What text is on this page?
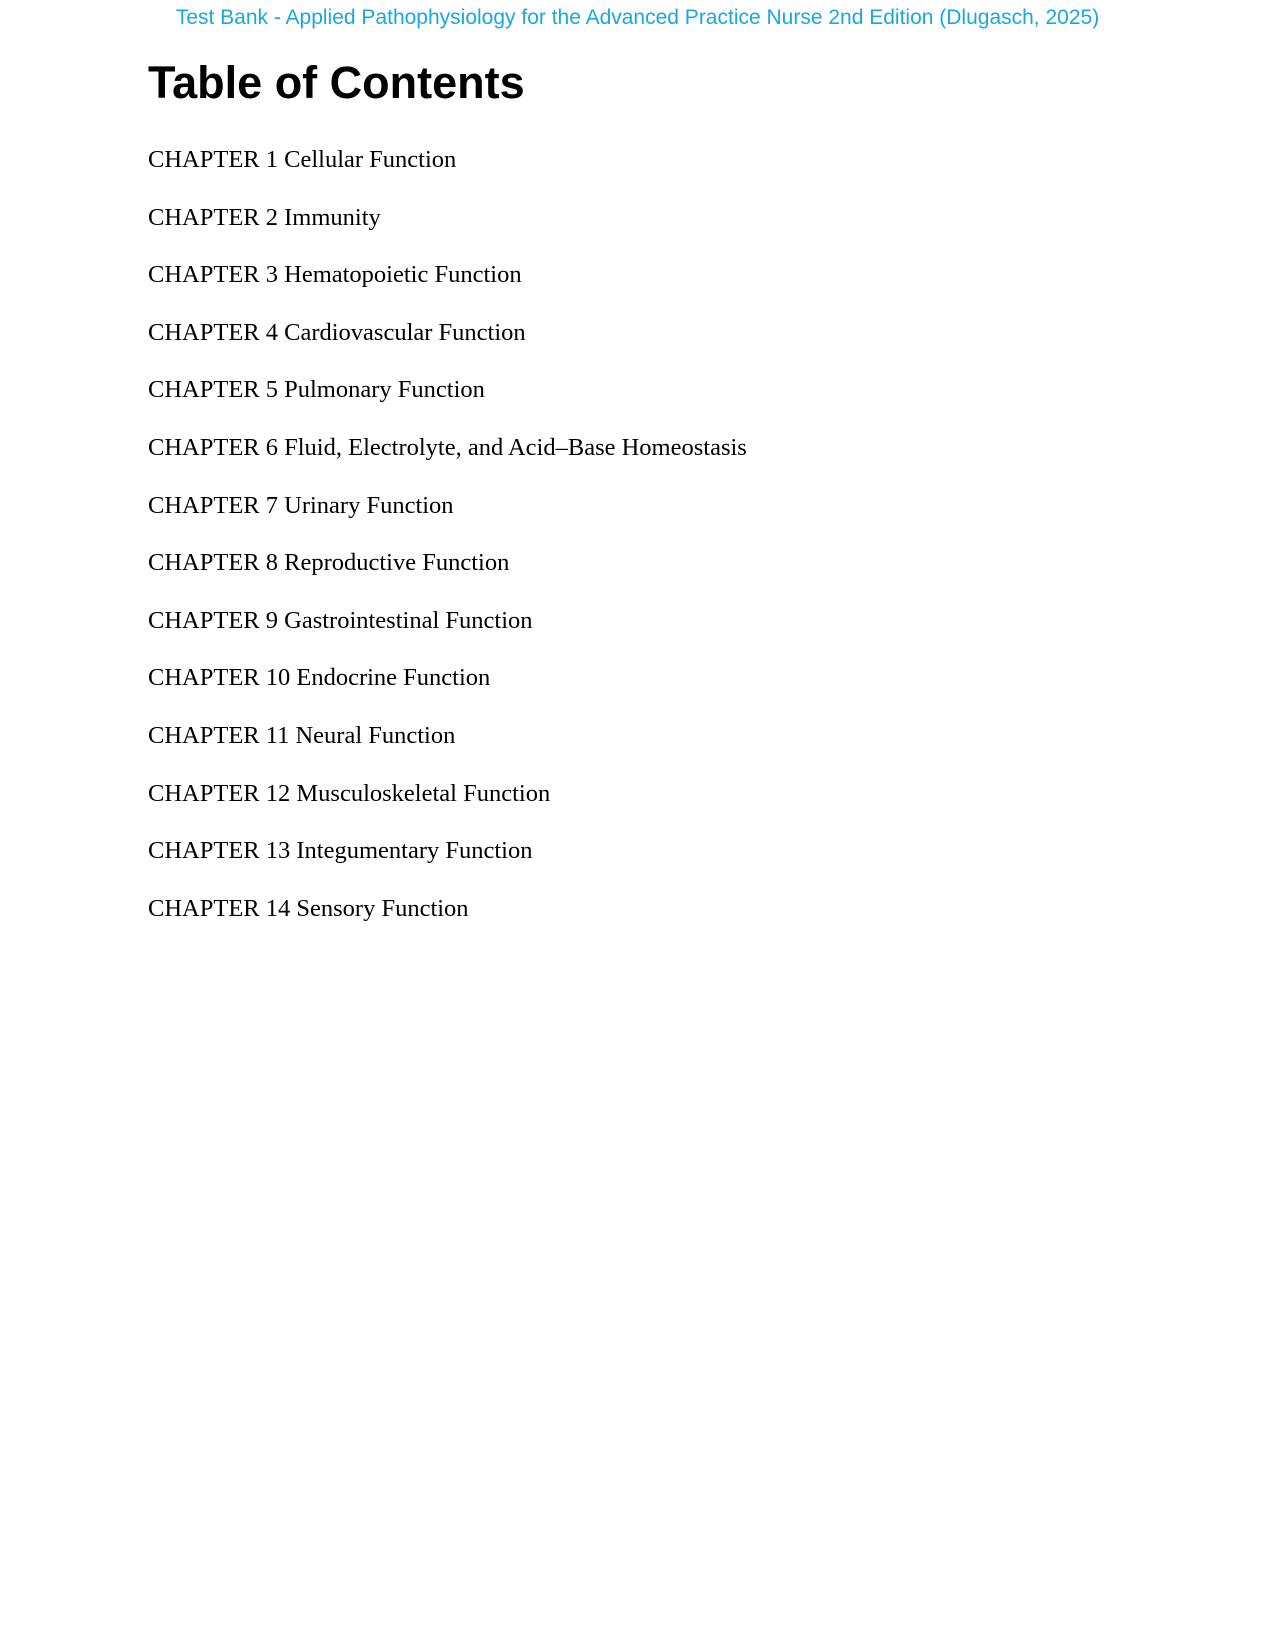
Test Bank - Applied Pathophysiology for the Advanced Practice Nurse 2nd Edition (Dlugasch, 2025)
Table of Contents
CHAPTER 1 Cellular Function
CHAPTER 2 Immunity
CHAPTER 3 Hematopoietic Function
CHAPTER 4 Cardiovascular Function
CHAPTER 5 Pulmonary Function
CHAPTER 6 Fluid, Electrolyte, and Acid–Base Homeostasis
CHAPTER 7 Urinary Function
CHAPTER 8 Reproductive Function
CHAPTER 9 Gastrointestinal Function
CHAPTER 10 Endocrine Function
CHAPTER 11 Neural Function
CHAPTER 12 Musculoskeletal Function
CHAPTER 13 Integumentary Function
CHAPTER 14 Sensory Function
